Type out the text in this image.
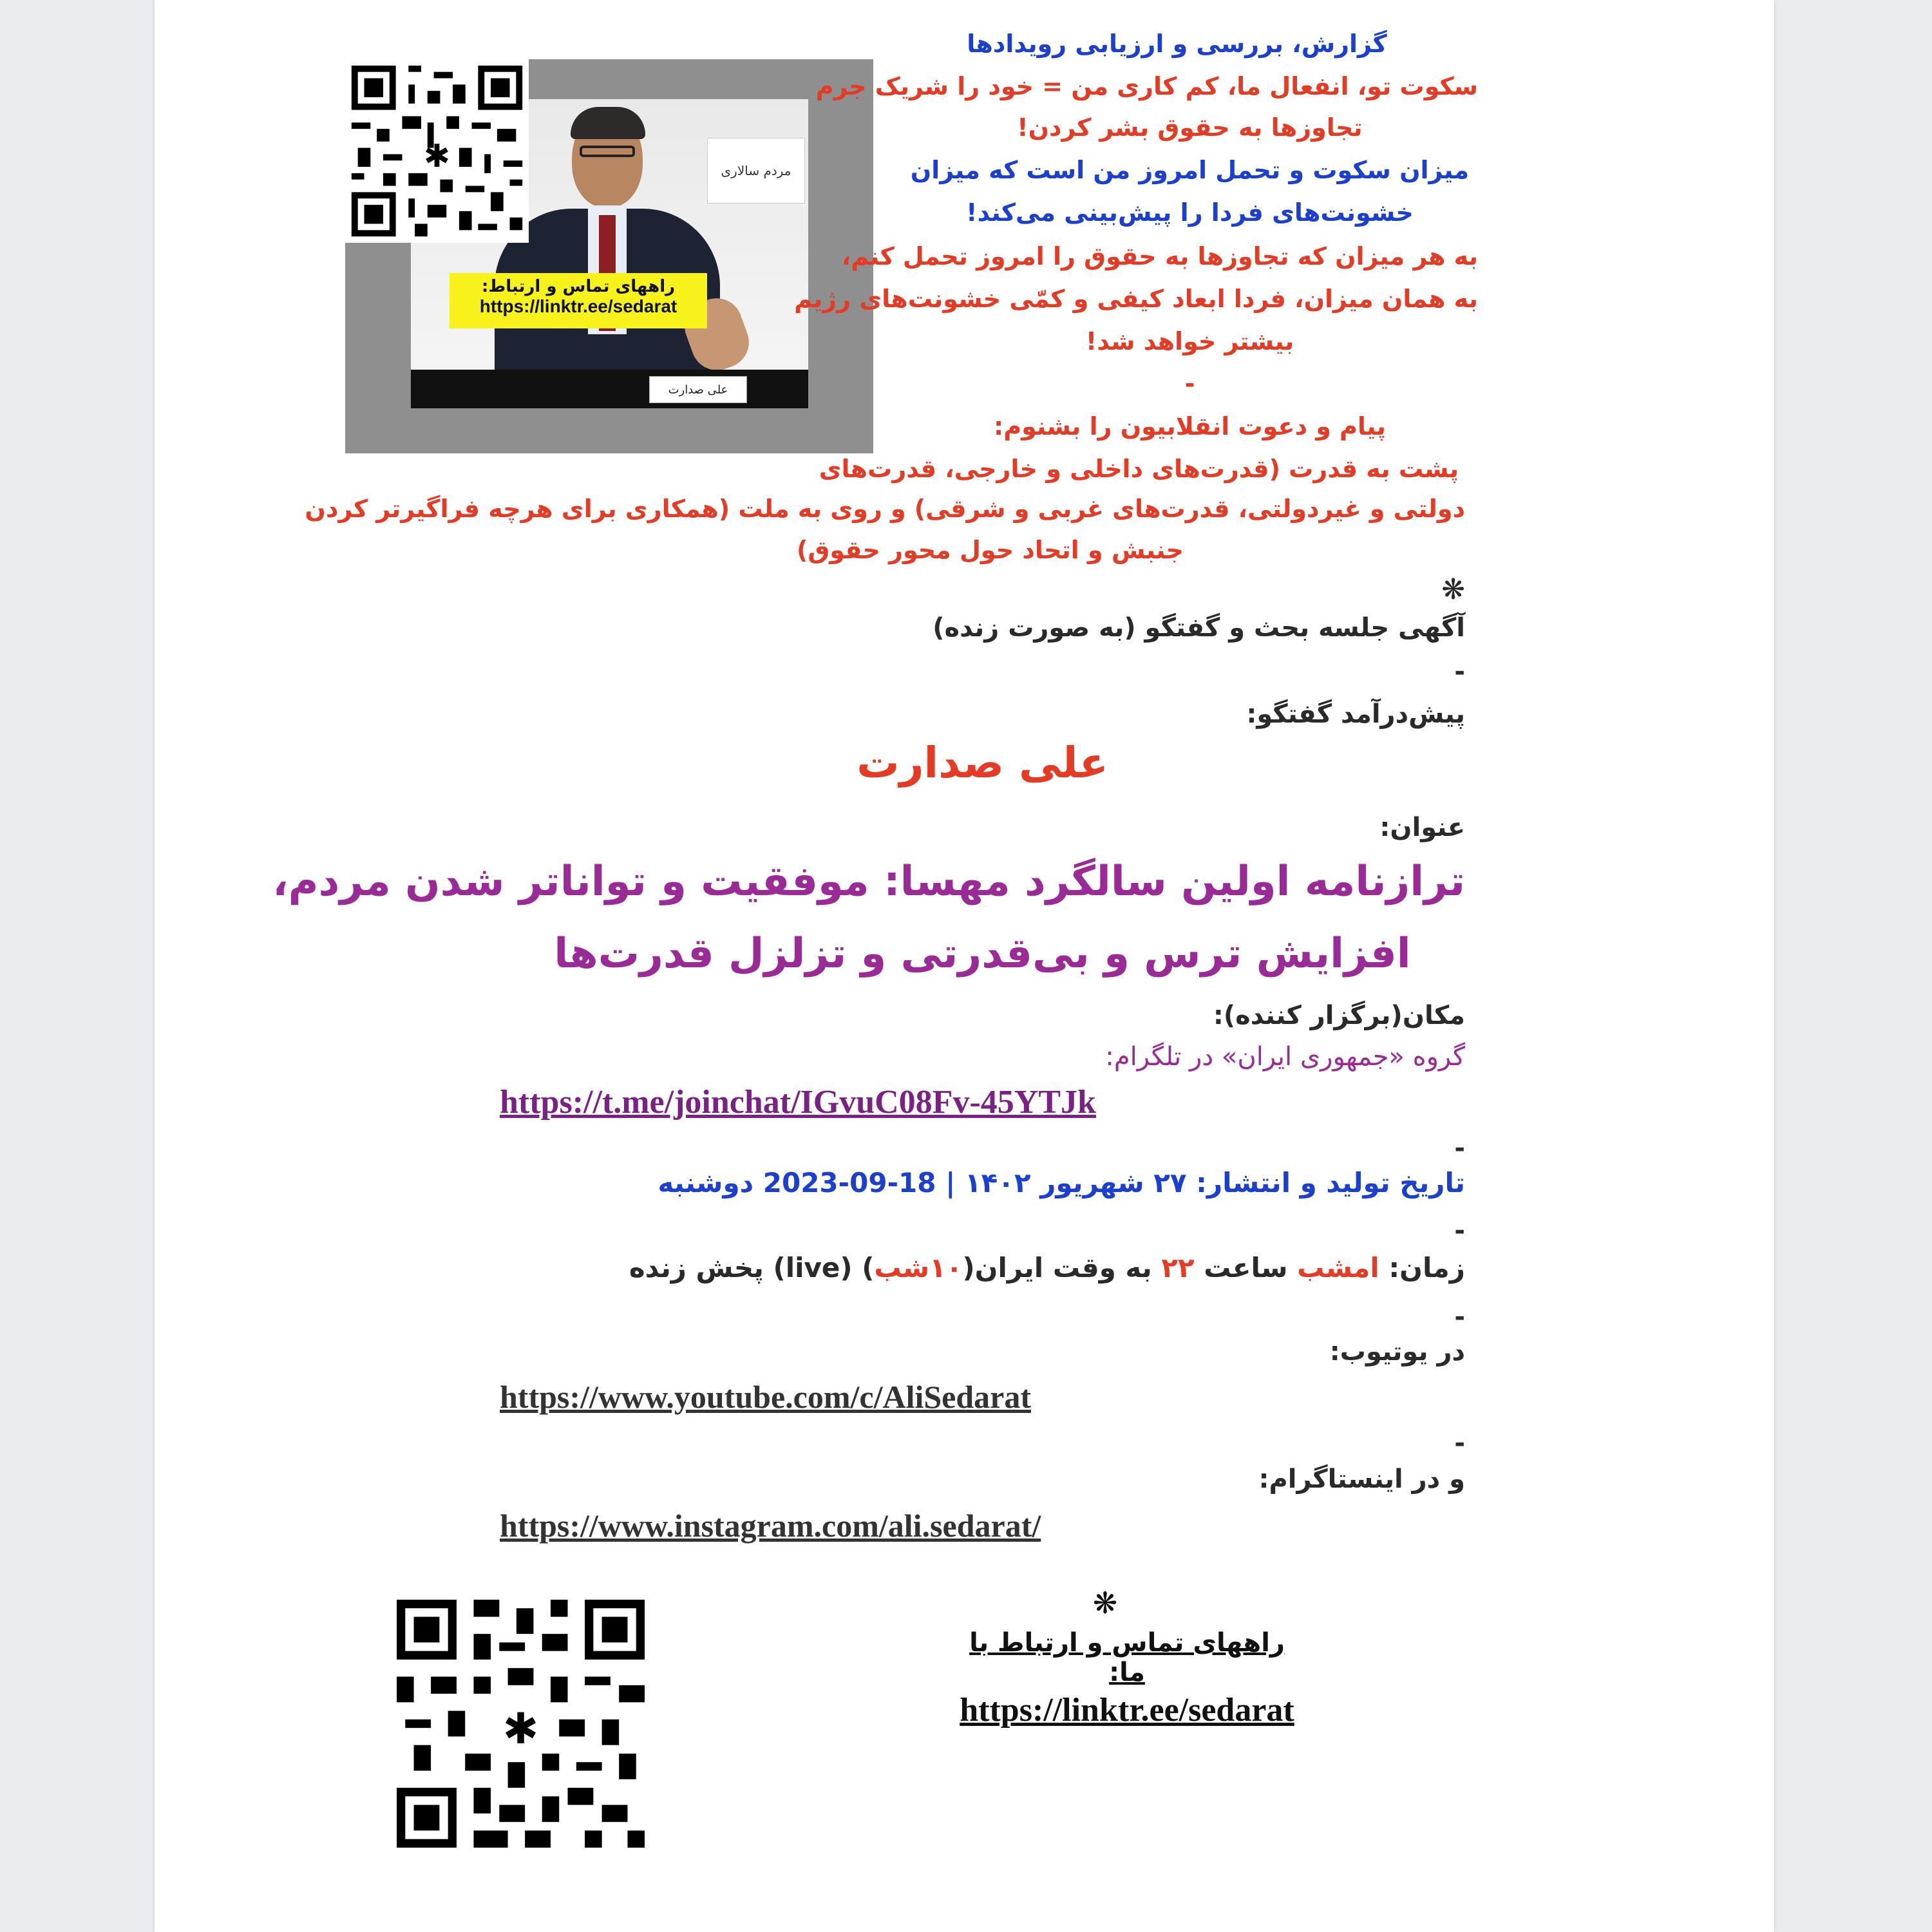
مردم سالاری
علی صدارت
راههای تماس و ارتباط:
https://linktr.ee/sedarat
✱
گزارش، بررسی و ارزیابی رویدادها
سکوت تو، انفعال ما، کم کاری من = خود را شریک جرم
تجاوزها به حقوق بشر کردن!
میزان سکوت و تحمل امروز من است که میزان
خشونت‌های فردا را پیش‌بینی می‌کند!
به هر میزان که تجاوزها به حقوق را امروز تحمل کنم،
به همان میزان، فردا ابعاد کیفی و کمّی خشونت‌های رژیم
بیشتر خواهد شد!
-
پیام و دعوت انقلابیون را بشنوم:
پشت به قدرت (قدرت‌های داخلی و خارجی، قدرت‌های
دولتی و غیردولتی، قدرت‌های غربی و شرقی) و روی به ملت (همکاری برای هرچه فراگیرتر کردن
جنبش و اتحاد حول محور حقوق)
❋
آگهی جلسه بحث و گفتگو (به صورت زنده)
-
پیش‌درآمد گفتگو:
علی صدارت
عنوان:
ترازنامه اولین سالگرد مهسا: موفقیت و تواناتر شدن مردم،
افزایش ترس و بی‌قدرتی و تزلزل قدرت‌ها
مکان(برگزار کننده):
گروه «جمهوری ایران» در تلگرام:
https://t.me/joinchat/IGvuC08Fv-45YTJk
-
تاریخ تولید و انتشار: ۲۷ شهریور ۱۴۰۲ | 18-09-2023 دوشنبه
-
زمان: امشب ساعت ۲۲ به وقت ایران(۱۰شب) (live) پخش زنده
-
در یوتیوب:
https://www.youtube.com/c/AliSedarat
-
و در اینستاگرام:
https://www.instagram.com/ali.sedarat/
❋
راههای تماس و ارتباط با ما:
https://linktr.ee/sedarat
✱
